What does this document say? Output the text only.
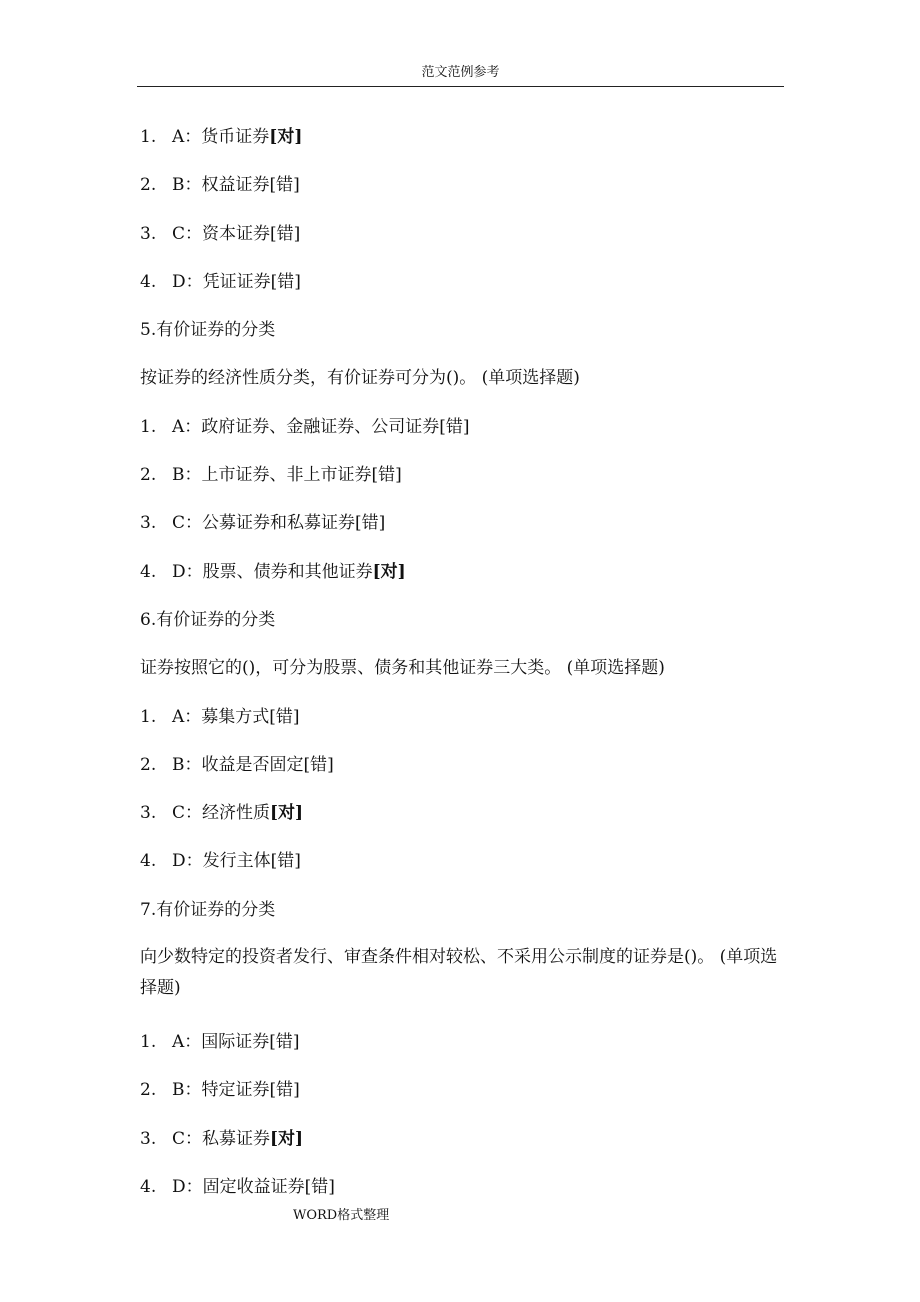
范文范例参考
1. A：货币证券[对]
2. B：权益证券[错]
3. C：资本证券[错]
4. D：凭证证券[错]
5.有价证券的分类
按证券的经济性质分类，有价证券可分为()。 (单项选择题)
1. A：政府证券、金融证券、公司证券[错]
2. B：上市证券、非上市证券[错]
3. C：公募证券和私募证券[错]
4. D：股票、债券和其他证券[对]
6.有价证券的分类
证券按照它的()，可分为股票、债务和其他证券三大类。 (单项选择题)
1. A：募集方式[错]
2. B：收益是否固定[错]
3. C：经济性质[对]
4. D：发行主体[错]
7.有价证券的分类
向少数特定的投资者发行、审查条件相对较松、不采用公示制度的证券是()。 (单项选择题)
1. A：国际证券[错]
2. B：特定证券[错]
3. C：私募证券[对]
4. D：固定收益证券[错]
WORD格式整理
